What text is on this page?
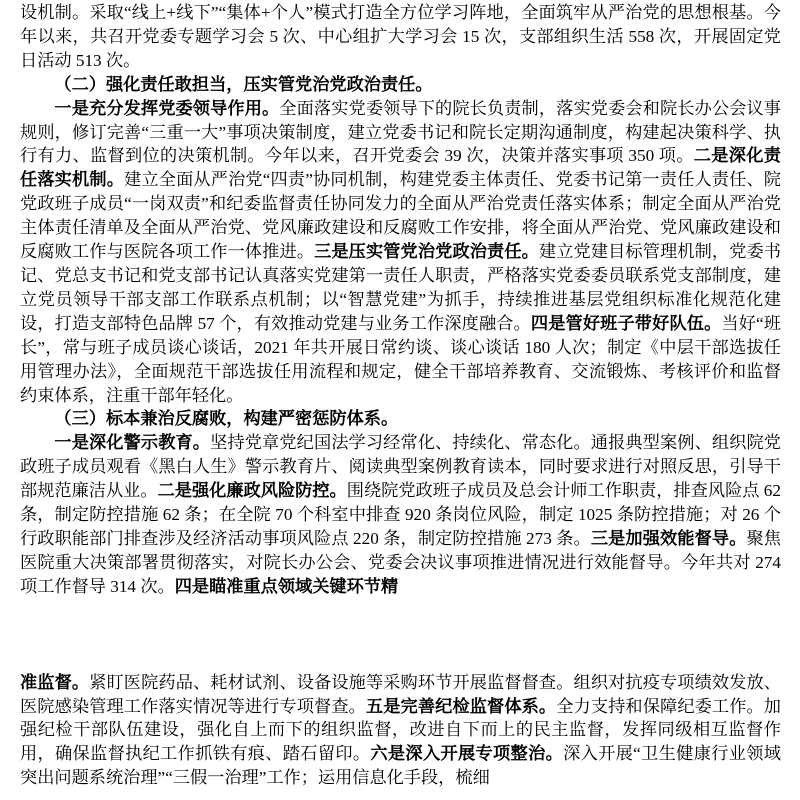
设机制。采取“线上+线下”“集体+个人”模式打造全方位学习阵地，全面筑牢从严治党的思想根基。今年以来，共召开党委专题学习会 5 次、中心组扩大学习会 15 次，支部组织生活 558 次，开展固定党日活动 513 次。

（二）强化责任敢担当，压实管党治党政治责任。

一是充分发挥党委领导作用。全面落实党委领导下的院长负责制，落实党委会和院长办公会议事规则，修订完善“三重一大”事项决策制度，建立党委书记和院长定期沟通制度，构建起决策科学、执行有力、监督到位的决策机制。今年以来，召开党委会 39 次，决策并落实事项 350 项。二是深化责任落实机制。建立全面从严治党“四责”协同机制，构建党委主体责任、党委书记第一责任人责任、院党政班子成员“一岗双责”和纪委监督责任协同发力的全面从严治党责任落实体系；制定全面从严治党主体责任清单及全面从严治党、党风廉政建设和反腐败工作安排，将全面从严治党、党风廉政建设和反腐败工作与医院各项工作一体推进。三是压实管党治党政治责任。建立党建目标管理机制，党委书记、党总支书记和党支部书记认真落实党建第一责任人职责，严格落实党委委员联系党支部制度，建立党员领导干部支部工作联系点机制；以“智慧党建”为抓手，持续推进基层党组织标准化规范化建设，打造支部特色品牌 57 个，有效推动党建与业务工作深度融合。四是管好班子带好队伍。当好“班长”，常与班子成员谈心谈话，2021 年共开展日常约谈、谈心谈话 180 人次；制定《中层干部选拔任用管理办法》，全面规范干部选拔任用流程和规定，健全干部培养教育、交流锻炼、考核评价和监督约束体系，注重干部年轻化。

（三）标本兼治反腐败，构建严密惩防体系。

一是深化警示教育。坚持党章党纪国法学习经常化、持续化、常态化。通报典型案例、组织院党政班子成员观看《黑白人生》警示教育片、阅读典型案例教育读本，同时要求进行对照反思，引导干部规范廉洁从业。二是强化廉政风险防控。围绕院党政班子成员及总会计师工作职责，排查风险点 62 条，制定防控措施 62 条；在全院 70 个科室中排查 920 条岗位风险，制定 1025 条防控措施；对 26 个行政职能部门排查涉及经济活动事项风险点 220 条，制定防控措施 273 条。三是加强效能督导。聚焦医院重大决策部署贯彻落实，对院长办公会、党委会决议事项推进情况进行效能督导。今年共对 274 项工作督导 314 次。四是瞄准重点领域关键环节精

准监督。紧盯医院药品、耗材试剂、设备设施等采购环节开展监督督查。组织对抗疫专项绩效发放、医院感染管理工作落实情况等进行专项督查。五是完善纪检监督体系。全力支持和保障纪委工作。加强纪检干部队伍建设，强化自上而下的组织监督，改进自下而上的民主监督，发挥同级相互监督作用，确保监督执纪工作抓铁有痕、踏石留印。六是深入开展专项整治。深入开展“卫生健康行业领域突出问题系统治理”“三假一治理”工作；运用信息化手段，梳细
